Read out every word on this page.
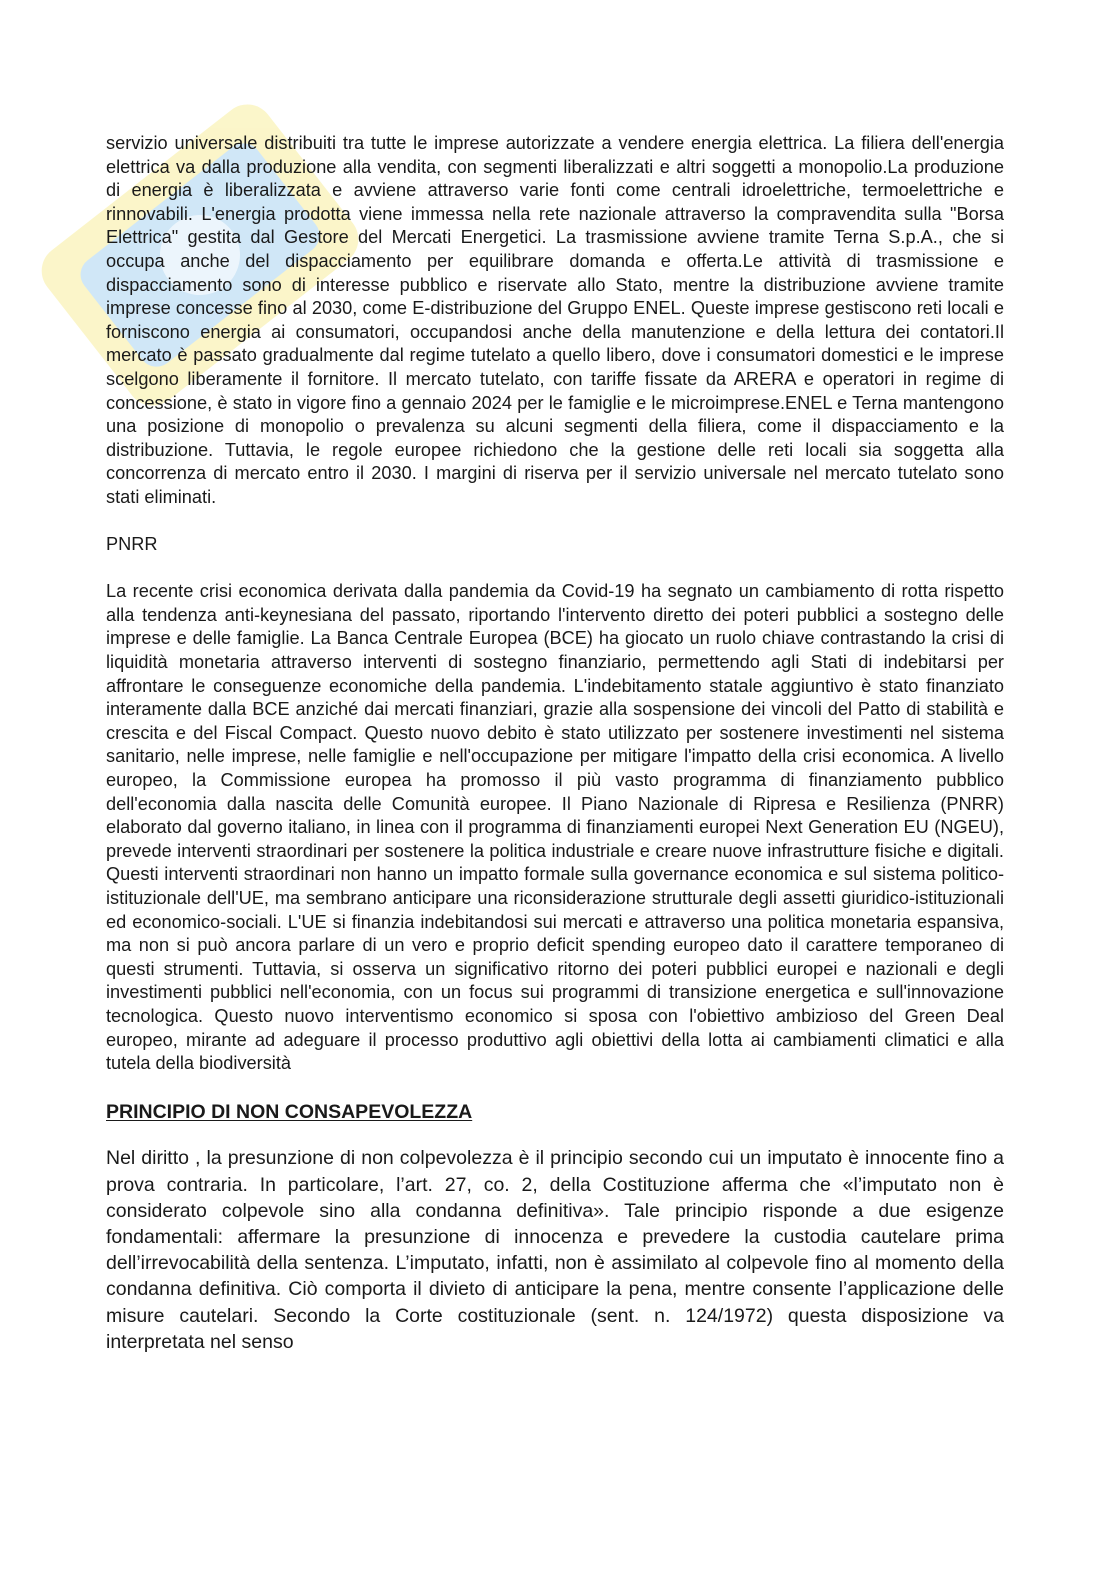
servizio universale distribuiti tra tutte le imprese autorizzate a vendere energia elettrica. La filiera dell'energia elettrica va dalla produzione alla vendita, con segmenti liberalizzati e altri soggetti a monopolio.La produzione di energia è liberalizzata e avviene attraverso varie fonti come centrali idroelettriche, termoelettriche e rinnovabili. L'energia prodotta viene immessa nella rete nazionale attraverso la compravendita sulla "Borsa Elettrica" gestita dal Gestore del Mercati Energetici. La trasmissione avviene tramite Terna S.p.A., che si occupa anche del dispacciamento per equilibrare domanda e offerta.Le attività di trasmissione e dispacciamento sono di interesse pubblico e riservate allo Stato, mentre la distribuzione avviene tramite imprese concesse fino al 2030, come E-distribuzione del Gruppo ENEL. Queste imprese gestiscono reti locali e forniscono energia ai consumatori, occupandosi anche della manutenzione e della lettura dei contatori.Il mercato è passato gradualmente dal regime tutelato a quello libero, dove i consumatori domestici e le imprese scelgono liberamente il fornitore. Il mercato tutelato, con tariffe fissate da ARERA e operatori in regime di concessione, è stato in vigore fino a gennaio 2024 per le famiglie e le microimprese.ENEL e Terna mantengono una posizione di monopolio o prevalenza su alcuni segmenti della filiera, come il dispacciamento e la distribuzione. Tuttavia, le regole europee richiedono che la gestione delle reti locali sia soggetta alla concorrenza di mercato entro il 2030. I margini di riserva per il servizio universale nel mercato tutelato sono stati eliminati.

PNRR

La recente crisi economica derivata dalla pandemia da Covid-19 ha segnato un cambiamento di rotta rispetto alla tendenza anti-keynesiana del passato, riportando l'intervento diretto dei poteri pubblici a sostegno delle imprese e delle famiglie. La Banca Centrale Europea (BCE) ha giocato un ruolo chiave contrastando la crisi di liquidità monetaria attraverso interventi di sostegno finanziario, permettendo agli Stati di indebitarsi per affrontare le conseguenze economiche della pandemia. L'indebitamento statale aggiuntivo è stato finanziato interamente dalla BCE anziché dai mercati finanziari, grazie alla sospensione dei vincoli del Patto di stabilità e crescita e del Fiscal Compact. Questo nuovo debito è stato utilizzato per sostenere investimenti nel sistema sanitario, nelle imprese, nelle famiglie e nell'occupazione per mitigare l'impatto della crisi economica. A livello europeo, la Commissione europea ha promosso il più vasto programma di finanziamento pubblico dell'economia dalla nascita delle Comunità europee. Il Piano Nazionale di Ripresa e Resilienza (PNRR) elaborato dal governo italiano, in linea con il programma di finanziamenti europei Next Generation EU (NGEU), prevede interventi straordinari per sostenere la politica industriale e creare nuove infrastrutture fisiche e digitali. Questi interventi straordinari non hanno un impatto formale sulla governance economica e sul sistema politico-istituzionale dell'UE, ma sembrano anticipare una riconsiderazione strutturale degli assetti giuridico-istituzionali ed economico-sociali. L'UE si finanzia indebitandosi sui mercati e attraverso una politica monetaria espansiva, ma non si può ancora parlare di un vero e proprio deficit spending europeo dato il carattere temporaneo di questi strumenti. Tuttavia, si osserva un significativo ritorno dei poteri pubblici europei e nazionali e degli investimenti pubblici nell'economia, con un focus sui programmi di transizione energetica e sull'innovazione tecnologica. Questo nuovo interventismo economico si sposa con l'obiettivo ambizioso del Green Deal europeo, mirante ad adeguare il processo produttivo agli obiettivi della lotta ai cambiamenti climatici e alla tutela della biodiversità

PRINCIPIO DI NON CONSAPEVOLEZZA

Nel diritto , la presunzione di non colpevolezza è il principio secondo cui un imputato è innocente fino a prova contraria. In particolare, l’art. 27, co. 2, della Costituzione afferma che «l’imputato non è considerato colpevole sino alla condanna definitiva». Tale principio risponde a due esigenze fondamentali: affermare la presunzione di innocenza e prevedere la custodia cautelare prima dell’irrevocabilità della sentenza. L’imputato, infatti, non è assimilato al colpevole fino al momento della condanna definitiva. Ciò comporta il divieto di anticipare la pena, mentre consente l’applicazione delle misure cautelari. Secondo la Corte costituzionale (sent. n. 124/1972) questa disposizione va interpretata nel senso
